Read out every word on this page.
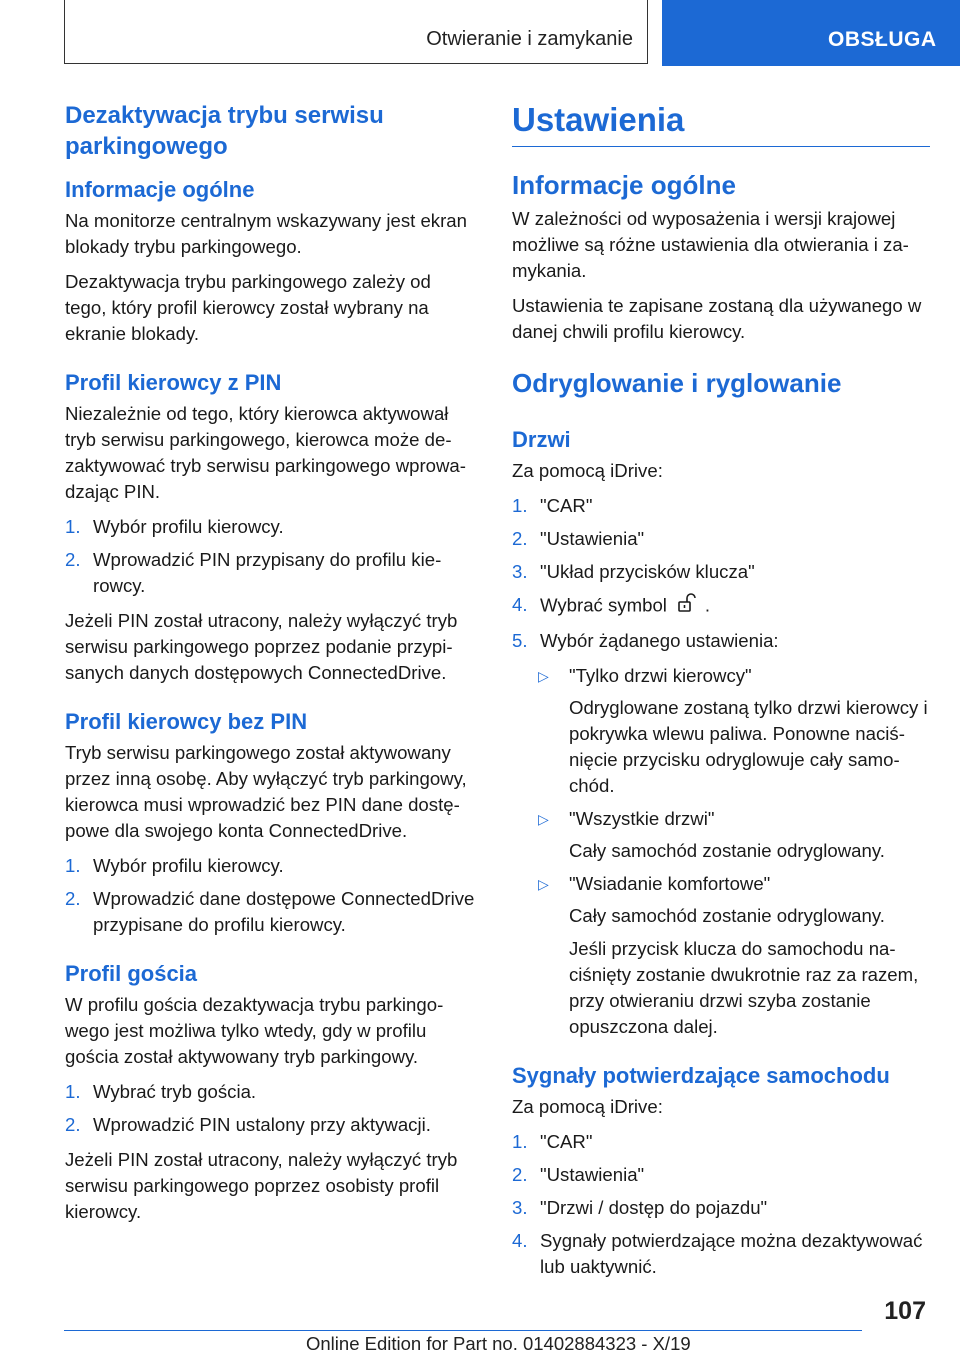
Otwieranie i zamykanie	OBSŁUGA
Dezaktywacja trybu serwisu parkingowego
Informacje ogólne
Na monitorze centralnym wskazywany jest ekran blokady trybu parkingowego.
Dezaktywacja trybu parkingowego zależy od tego, który profil kierowcy został wybrany na ekranie blokady.
Profil kierowcy z PIN
Niezależnie od tego, który kierowca aktywował tryb serwisu parkingowego, kierowca może dezaktywować tryb serwisu parkingowego wprowadzając PIN.
1. Wybór profilu kierowcy.
2. Wprowadzić PIN przypisany do profilu kierowcy.
Jeżeli PIN został utracony, należy wyłączyć tryb serwisu parkingowego poprzez podanie przypisanych danych dostępowych ConnectedDrive.
Profil kierowcy bez PIN
Tryb serwisu parkingowego został aktywowany przez inną osobę. Aby wyłączyć tryb parkingowy, kierowca musi wprowadzić bez PIN dane dostępowe dla swojego konta ConnectedDrive.
1. Wybór profilu kierowcy.
2. Wprowadzić dane dostępowe ConnectedDrive przypisane do profilu kierowcy.
Profil gościa
W profilu gościa dezaktywacja trybu parkingowego jest możliwa tylko wtedy, gdy w profilu gościa został aktywowany tryb parkingowy.
1. Wybrać tryb gościa.
2. Wprowadzić PIN ustalony przy aktywacji.
Jeżeli PIN został utracony, należy wyłączyć tryb serwisu parkingowego poprzez osobisty profil kierowcy.
Ustawienia
Informacje ogólne
W zależności od wyposażenia i wersji krajowej możliwe są różne ustawienia dla otwierania i zamykania.
Ustawienia te zapisane zostaną dla używanego w danej chwili profilu kierowcy.
Odryglowanie i ryglowanie
Drzwi
Za pomocą iDrive:
1. "CAR"
2. "Ustawienia"
3. "Układ przycisków klucza"
4. Wybrać symbol .
5. Wybór żądanego ustawienia:
▷ "Tylko drzwi kierowcy"
Odryglowane zostaną tylko drzwi kierowcy i pokrywka wlewu paliwa. Ponowne naciśnięcie przycisku odryglowuje cały samochód.
▷ "Wszystkie drzwi"
Cały samochód zostanie odryglowany.
▷ "Wsiadanie komfortowe"
Cały samochód zostanie odryglowany.
Jeśli przycisk klucza do samochodu naciśnięty zostanie dwukrotnie raz za razem, przy otwieraniu drzwi szyba zostanie opuszczona dalej.
Sygnały potwierdzające samochodu
Za pomocą iDrive:
1. "CAR"
2. "Ustawienia"
3. "Drzwi / dostęp do pojazdu"
4. Sygnały potwierdzające można dezaktywować lub uaktywnić.
107
Online Edition for Part no. 01402884323 - X/19
